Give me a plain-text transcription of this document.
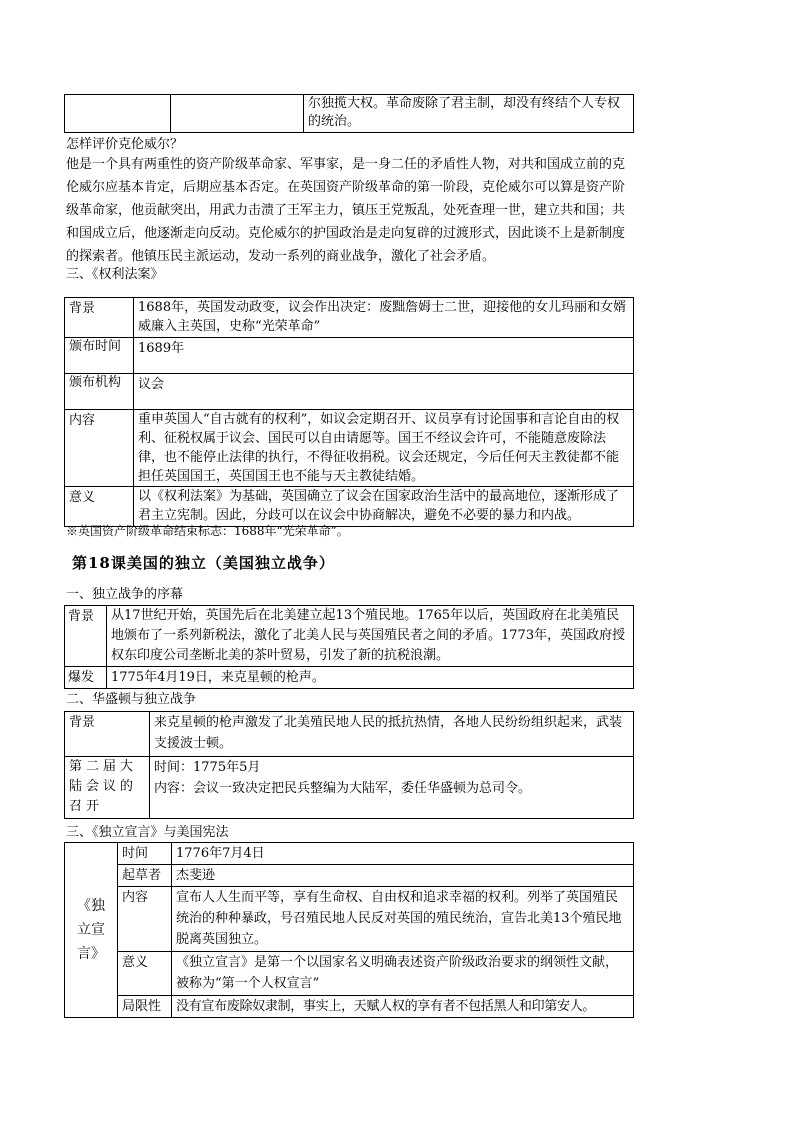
		尔独揽大权。革命废除了君主制，却没有终结个人专权的统治。
怎样评价克伦威尔？
他是一个具有两重性的资产阶级革命家、军事家，是一身二任的矛盾性人物，对共和国成立前的克伦威尔应基本肯定，后期应基本否定。在英国资产阶级革命的第一阶段，克伦威尔可以算是资产阶级革命家，他贡献突出，用武力击溃了王军主力，镇压王党叛乱，处死查理一世，建立共和国；共和国成立后，他逐渐走向反动。克伦威尔的护国政治是走向复辟的过渡形式，因此谈不上是新制度的探索者。他镇压民主派运动，发动一系列的商业战争，激化了社会矛盾。
三、《权利法案》
背景	1688年，英国发动政变，议会作出决定：废黜詹姆士二世，迎接他的女儿玛丽和女婿威廉入主英国，史称“光荣革命”
颁布时间	1689年
颁布机构	议会
内容	重申英国人“自古就有的权利”，如议会定期召开、议员享有讨论国事和言论自由的权利、征税权属于议会、国民可以自由请愿等。国王不经议会许可，不能随意废除法律，也不能停止法律的执行，不得征收捐税。议会还规定，今后任何天主教徒都不能担任英国国王，英国国王也不能与天主教徒结婚。
意义	以《权利法案》为基础，英国确立了议会在国家政治生活中的最高地位，逐渐形成了君主立宪制。因此，分歧可以在议会中协商解决，避免不必要的暴力和内战。
※英国资产阶级革命结束标志：1688年“光荣革命”。
第18课美国的独立（美国独立战争）
一、独立战争的序幕
背景	从17世纪开始，英国先后在北美建立起13个殖民地。1765年以后，英国政府在北美殖民地颁布了一系列新税法，激化了北美人民与英国殖民者之间的矛盾。1773年，英国政府授权东印度公司垄断北美的茶叶贸易，引发了新的抗税浪潮。
爆发	1775年4月19日，来克星顿的枪声。
二、华盛顿与独立战争
背景	来克星顿的枪声激发了北美殖民地人民的抵抗热情，各地人民纷纷组织起来，武装支援波士顿。
第二届大陆会议的召开	时间：1775年5月
内容：会议一致决定把民兵整编为大陆军，委任华盛顿为总司令。
三、《独立宣言》与美国宪法
《独立宣言》	时间	1776年7月4日
	起草者	杰斐逊
	内容	宣布人人生而平等，享有生命权、自由权和追求幸福的权利。列举了英国殖民统治的种种暴政，号召殖民地人民反对英国的殖民统治，宣告北美13个殖民地脱离英国独立。
	意义	《独立宣言》是第一个以国家名义明确表述资产阶级政治要求的纲领性文献，被称为“第一个人权宣言”
	局限性	没有宣布废除奴隶制，事实上，天赋人权的享有者不包括黑人和印第安人。
